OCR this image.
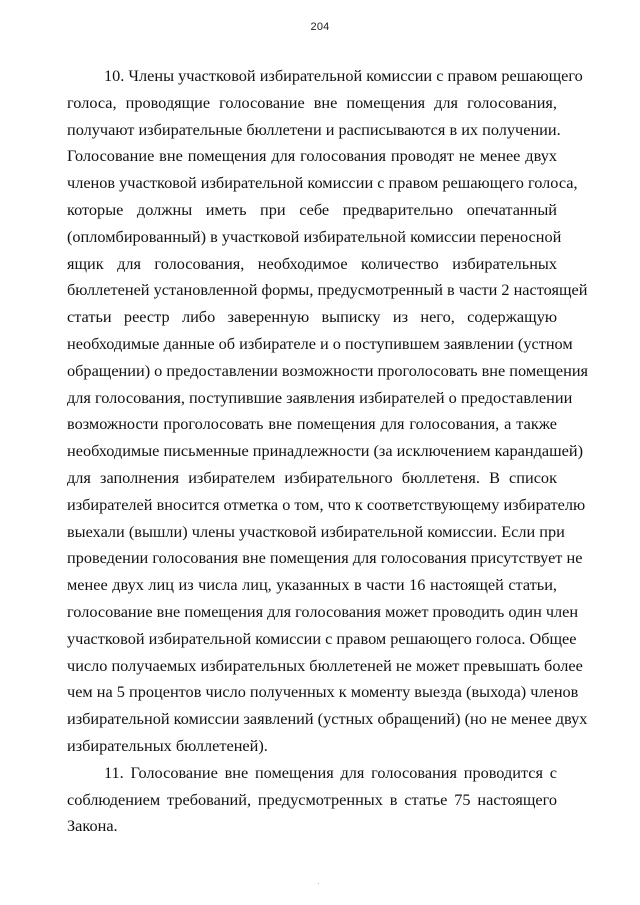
204

10. Члены участковой избирательной комиссии с правом решающего
голоса, проводящие голосование вне помещения для голосования,
получают избирательные бюллетени и расписываются в их получении.
Голосование вне помещения для голосования проводят не менее двух
членов участковой избирательной комиссии с правом решающего голоса,
которые должны иметь при себе предварительно опечатанный
(опломбированный) в участковой избирательной комиссии переносной
ящик для голосования, необходимое количество избирательных
бюллетеней установленной формы, предусмотренный в части 2 настоящей
статьи реестр либо заверенную выписку из него, содержащую
необходимые данные об избирателе и о поступившем заявлении (устном
обращении) о предоставлении возможности проголосовать вне помещения
для голосования, поступившие заявления избирателей о предоставлении
возможности проголосовать вне помещения для голосования, а также
необходимые письменные принадлежности (за исключением карандашей)
для заполнения избирателем избирательного бюллетеня. В список
избирателей вносится отметка о том, что к соответствующему избирателю
выехали (вышли) члены участковой избирательной комиссии. Если при
проведении голосования вне помещения для голосования присутствует не
менее двух лиц из числа лиц, указанных в части 16 настоящей статьи,
голосование вне помещения для голосования может проводить один член
участковой избирательной комиссии с правом решающего голоса. Общее
число получаемых избирательных бюллетеней не может превышать более
чем на 5 процентов число полученных к моменту выезда (выхода) членов
избирательной комиссии заявлений (устных обращений) (но не менее двух
избирательных бюллетеней).

11. Голосование вне помещения для голосования проводится с
соблюдением требований, предусмотренных в статье 75 настоящего
Закона.
